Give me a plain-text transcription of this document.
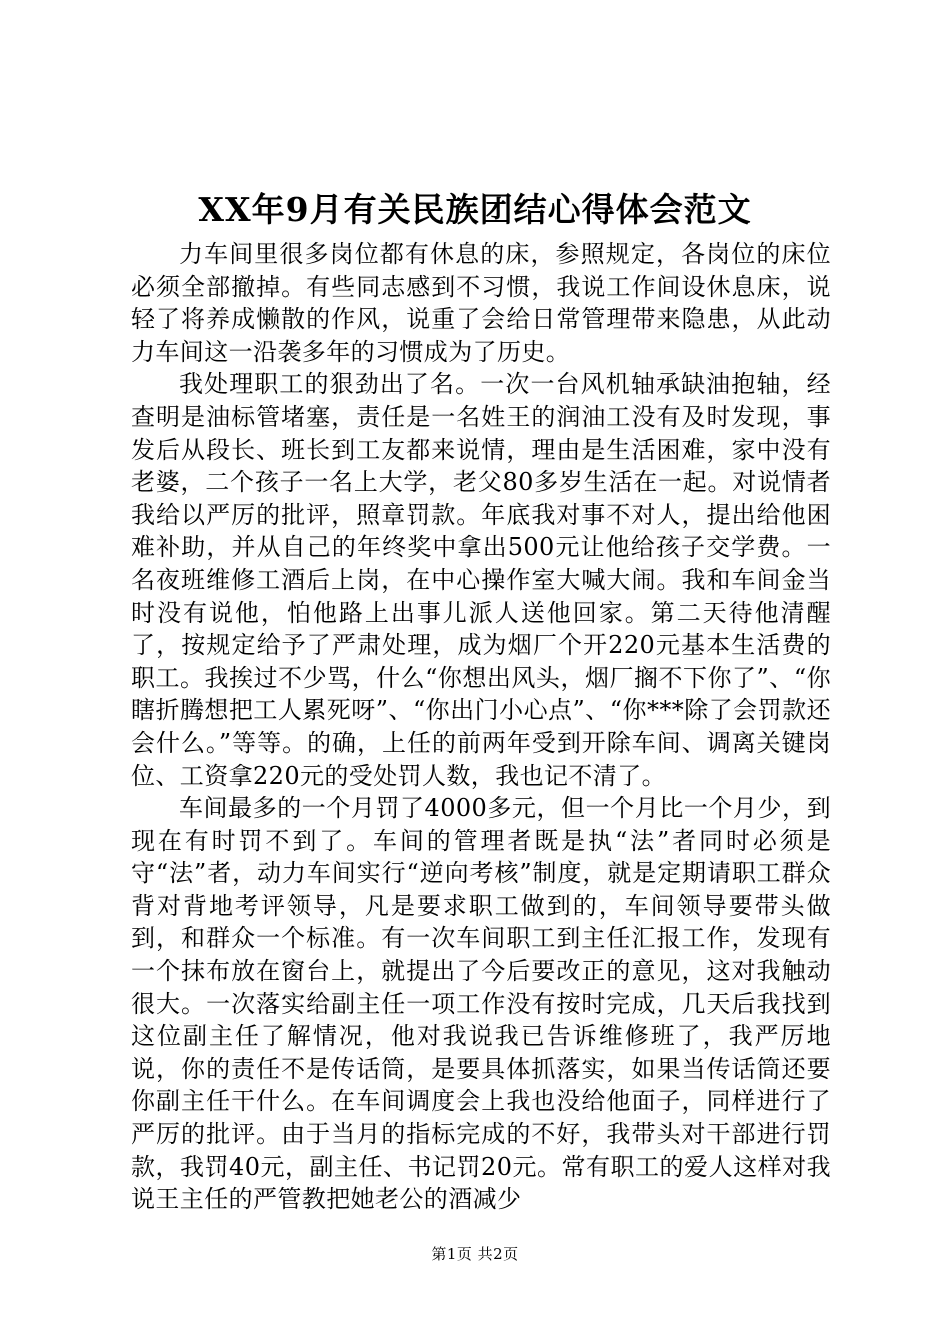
XX年9月有关民族团结心得体会范文

力车间里很多岗位都有休息的床，参照规定，各岗位的床位必须全部撤掉。有些同志感到不习惯，我说工作间设休息床，说轻了将养成懒散的作风，说重了会给日常管理带来隐患，从此动力车间这一沿袭多年的习惯成为了历史。

我处理职工的狠劲出了名。一次一台风机轴承缺油抱轴，经查明是油标管堵塞，责任是一名姓王的润油工没有及时发现，事发后从段长、班长到工友都来说情，理由是生活困难，家中没有老婆，二个孩子一名上大学，老父80多岁生活在一起。对说情者我给以严厉的批评，照章罚款。年底我对事不对人，提出给他困难补助，并从自己的年终奖中拿出500元让他给孩子交学费。一名夜班维修工酒后上岗，在中心操作室大喊大闹。我和车间金当时没有说他，怕他路上出事儿派人送他回家。第二天待他清醒了，按规定给予了严肃处理，成为烟厂个开220元基本生活费的职工。我挨过不少骂，什么“你想出风头，烟厂搁不下你了”、“你瞎折腾想把工人累死呀”、“你出门小心点”、“你***除了会罚款还会什么。”等等。的确，上任的前两年受到开除车间、调离关键岗位、工资拿220元的受处罚人数，我也记不清了。

车间最多的一个月罚了4000多元，但一个月比一个月少，到现在有时罚不到了。车间的管理者既是执“法”者同时必须是守“法”者，动力车间实行“逆向考核”制度，就是定期请职工群众背对背地考评领导，凡是要求职工做到的，车间领导要带头做到，和群众一个标准。有一次车间职工到主任汇报工作，发现有一个抹布放在窗台上，就提出了今后要改正的意见，这对我触动很大。一次落实给副主任一项工作没有按时完成，几天后我找到这位副主任了解情况，他对我说我已告诉维修班了，我严厉地说，你的责任不是传话筒，是要具体抓落实，如果当传话筒还要你副主任干什么。在车间调度会上我也没给他面子，同样进行了严厉的批评。由于当月的指标完成的不好，我带头对干部进行罚款，我罚40元，副主任、书记罚20元。常有职工的爱人这样对我说王主任的严管教把她老公的酒减少

第1页 共2页
